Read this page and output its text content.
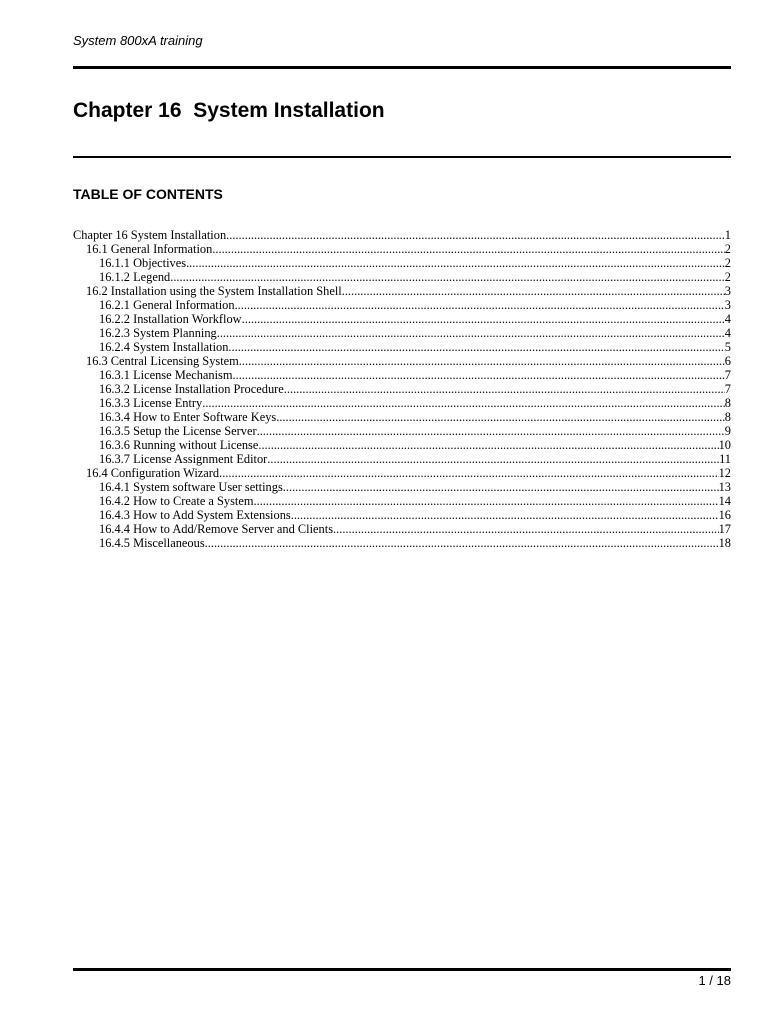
System 800xA training
Chapter 16  System Installation
TABLE OF CONTENTS
Chapter 16 System Installation .....	1
16.1 General Information .....	2
16.1.1 Objectives .....	2
16.1.2 Legend .....	2
16.2 Installation using the System Installation Shell .....	3
16.2.1 General Information .....	3
16.2.2 Installation Workflow .....	4
16.2.3 System Planning .....	4
16.2.4 System Installation .....	5
16.3 Central Licensing System .....	6
16.3.1 License Mechanism .....	7
16.3.2 License Installation Procedure .....	7
16.3.3 License Entry .....	8
16.3.4 How to Enter Software Keys .....	8
16.3.5 Setup the License Server .....	9
16.3.6 Running without License .....	10
16.3.7 License Assignment Editor .....	11
16.4 Configuration Wizard .....	12
16.4.1 System software User settings .....	13
16.4.2 How to Create a System .....	14
16.4.3 How to Add System Extensions .....	16
16.4.4 How to Add/Remove Server and Clients .....	17
16.4.5 Miscellaneous .....	18
1 / 18
